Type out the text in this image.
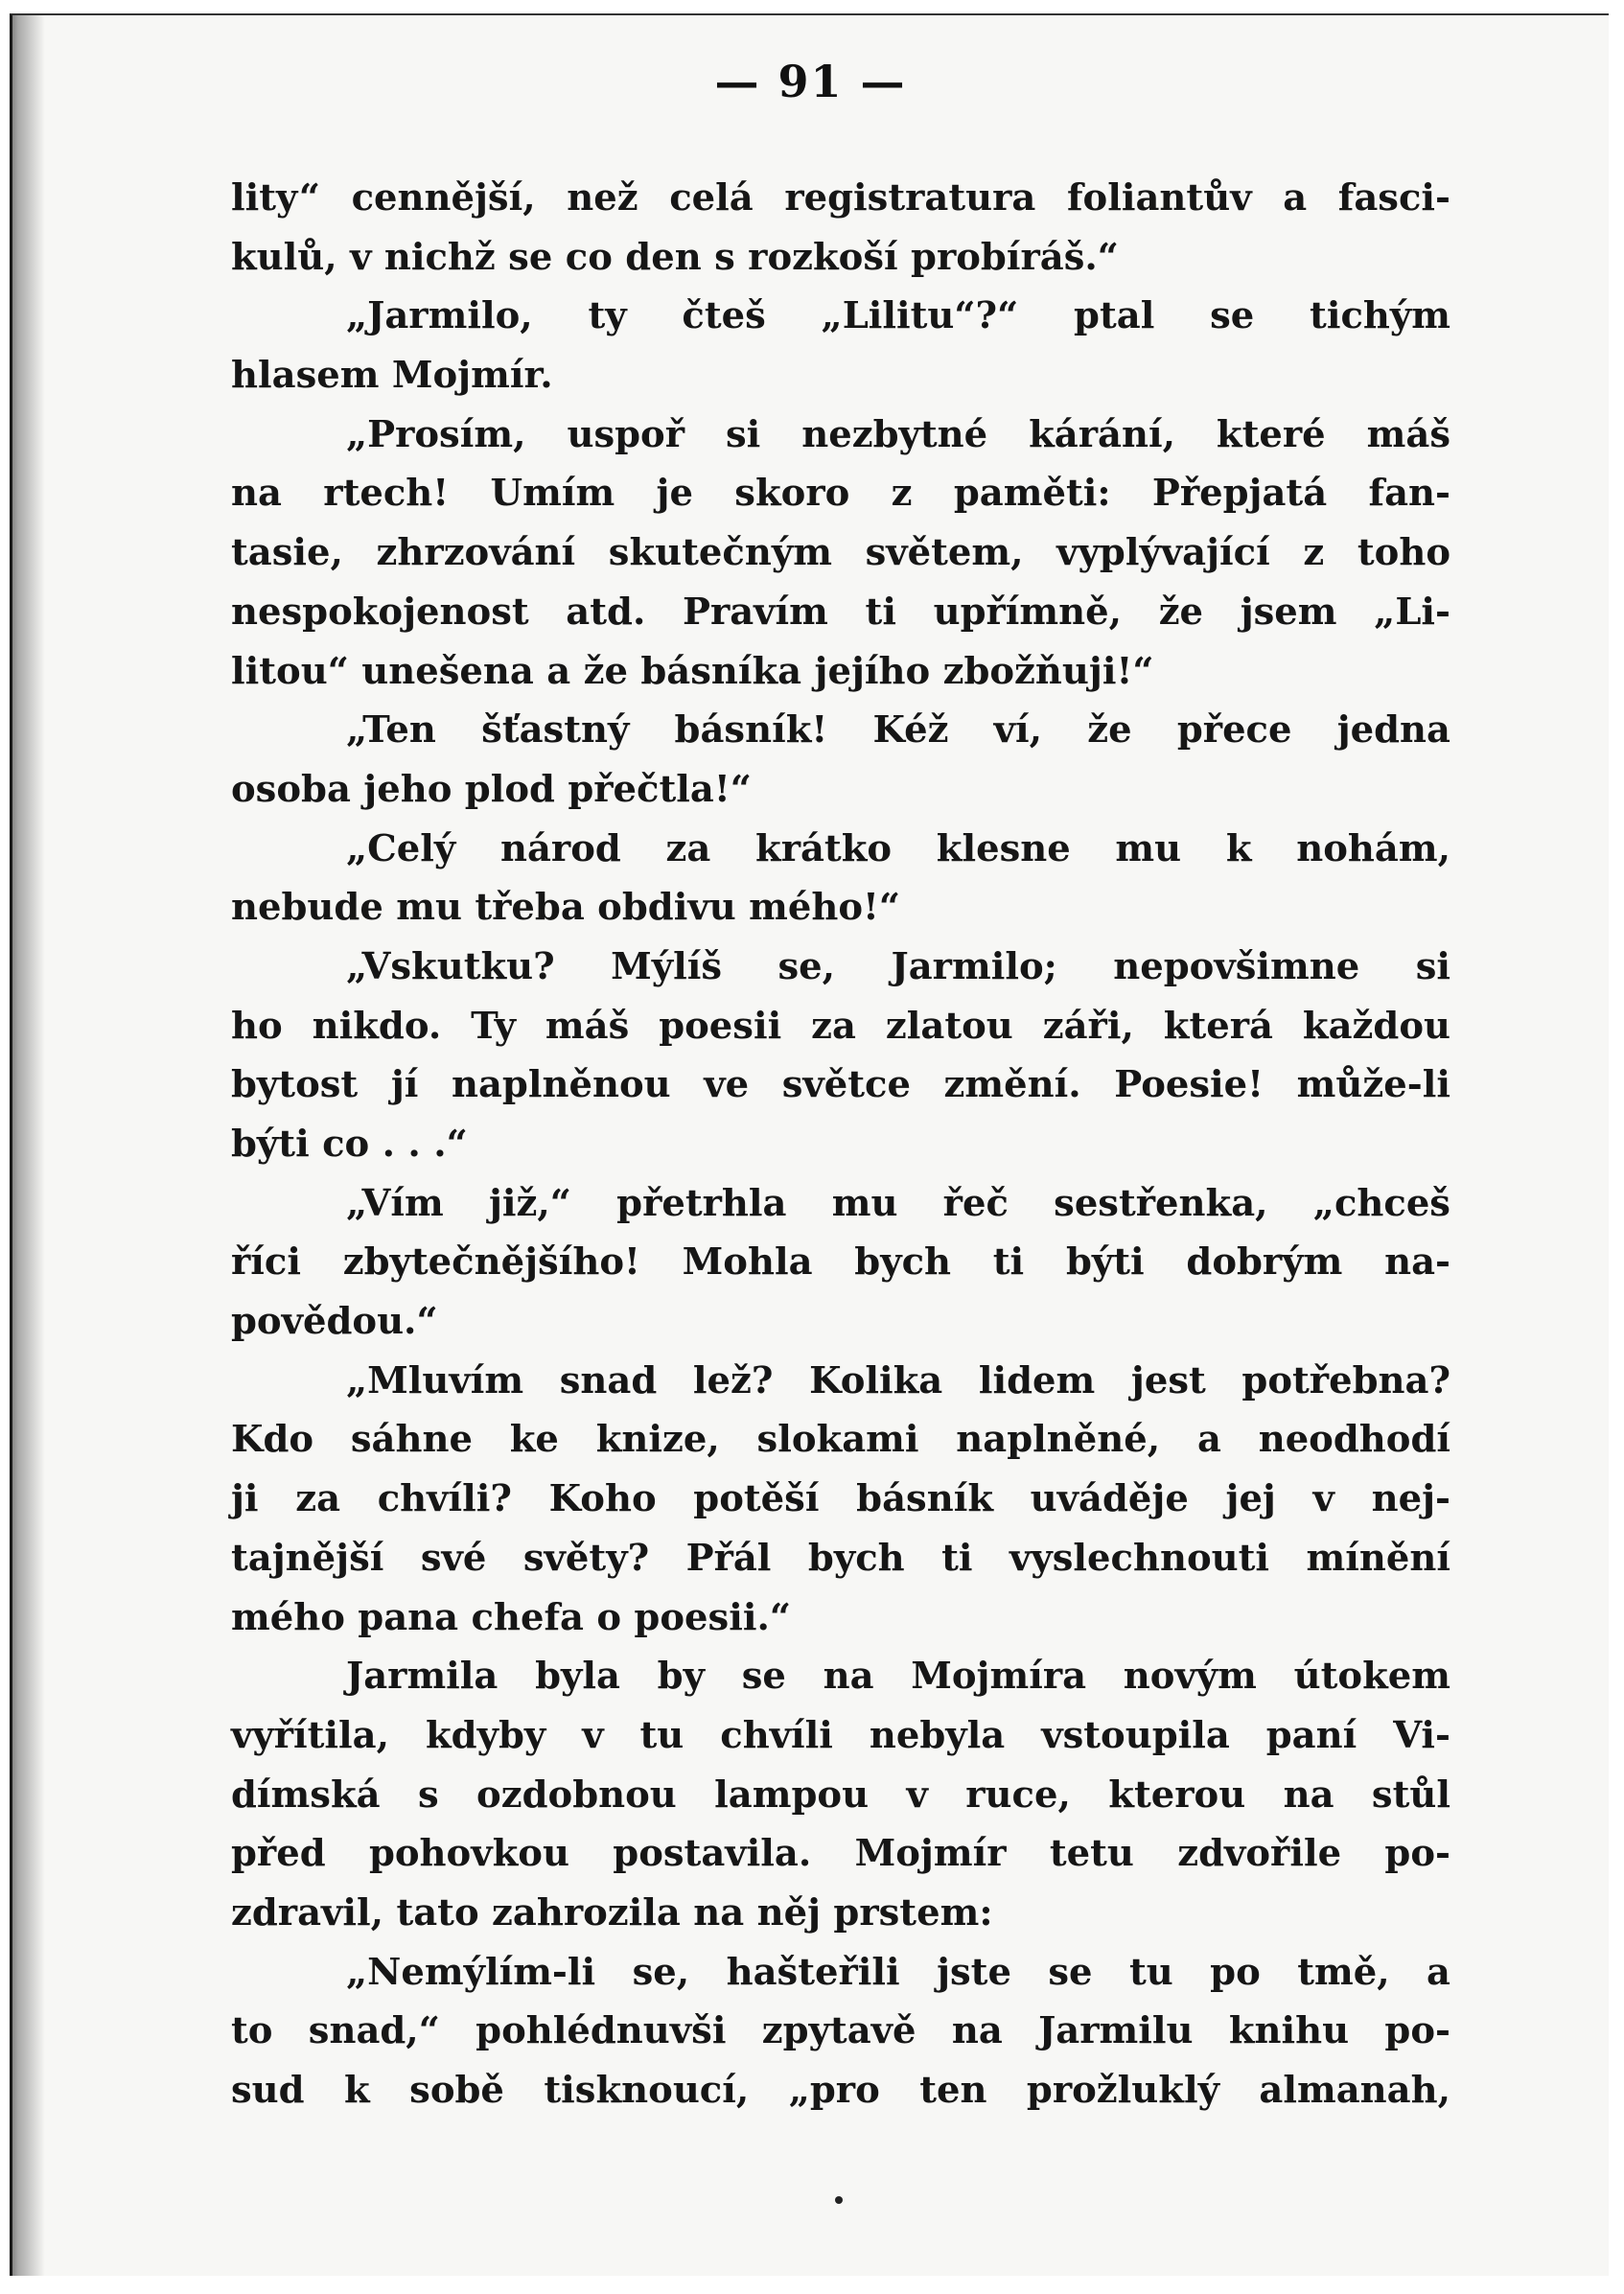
— 91 —
lity“ cennější, než celá registratura foliantův a fasci-
kulů, v nichž se co den s rozkoší probíráš.“
„Jarmilo, ty čteš „Lilitu“?“ ptal se tichým
hlasem Mojmír.
„Prosím, uspoř si nezbytné kárání, které máš
na rtech! Umím je skoro z paměti: Přepjatá fan-
tasie, zhrzování skutečným světem, vyplývající z toho
nespokojenost atd. Pravím ti upřímně, že jsem „Li-
litou“ unešena a že básníka jejího zbožňuji!“
„Ten šťastný básník! Kéž ví, že přece jedna
osoba jeho plod přečtla!“
„Celý národ za krátko klesne mu k nohám,
nebude mu třeba obdivu mého!“
„Vskutku? Mýlíš se, Jarmilo; nepovšimne si
ho nikdo. Ty máš poesii za zlatou záři, která každou
bytost jí naplněnou ve světce změní. Poesie! může-li
býti co . . .“
„Vím již,“ přetrhla mu řeč sestřenka, „chceš
říci zbytečnějšího! Mohla bych ti býti dobrým na-
povědou.“
„Mluvím snad lež? Kolika lidem jest potřebna?
Kdo sáhne ke knize, slokami naplněné, a neodhodí
ji za chvíli? Koho potěší básník uváděje jej v nej-
tajnější své světy? Přál bych ti vyslechnouti mínění
mého pana chefa o poesii.“
Jarmila byla by se na Mojmíra novým útokem
vyřítila, kdyby v tu chvíli nebyla vstoupila paní Vi-
dímská s ozdobnou lampou v ruce, kterou na stůl
před pohovkou postavila. Mojmír tetu zdvořile po-
zdravil, tato zahrozila na něj prstem:
„Nemýlím-li se, hašteřili jste se tu po tmě, a
to snad,“ pohlédnuvši zpytavě na Jarmilu knihu po-
sud k sobě tisknoucí, „pro ten prožluklý almanah,
